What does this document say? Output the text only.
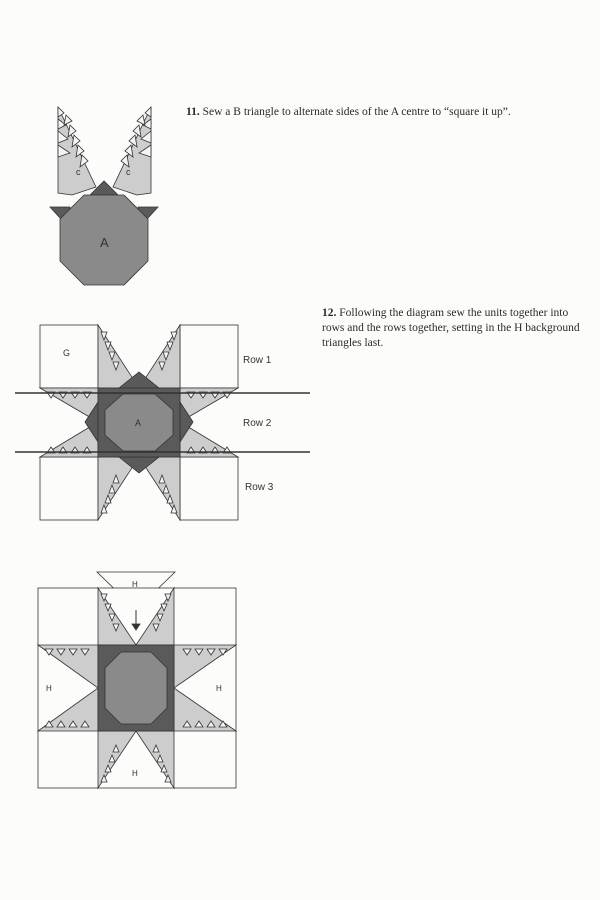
11. Sew a B triangle to alternate sides of the A centre to “square it up”.

12. Following the diagram sew the units together into rows and the rows together, setting in the H background triangles last.

c	c
A
G
A
Row 1
Row 2
Row 3
H
H	H
H
